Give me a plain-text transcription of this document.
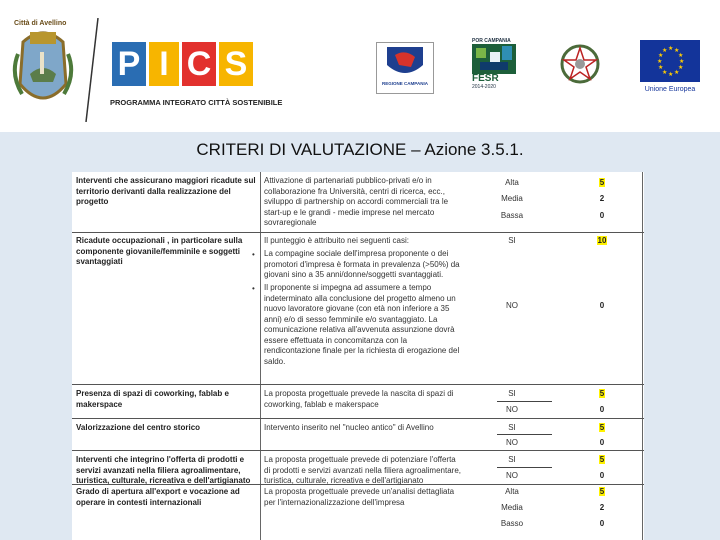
Città di Avellino
P I C S
PROGRAMMA INTEGRATO CITTÀ SOSTENIBILE
REGIONE CAMPANIA
POR CAMPANIA
FESR
2014-2020
★ ★
★
★
★
★
★
★
★
★
★
★
Unione Europea
CRITERI DI VALUTAZIONE – Azione 3.5.1.
Interventi che assicurano maggiori ricadute sul territorio derivanti dalla realizzazione del progetto
Attivazione di partenariati pubblico-privati e/o in collaborazione fra Università, centri di ricerca, ecc., sviluppo di partnership on accordi commerciali tra le start-up e le grandi - medie imprese nel mercato sovraregionale
Alta	5
Media	2
Bassa	0
Ricadute occupazionali , in particolare sulla componente giovanile/femminile e soggetti svantaggiati
Il punteggio è attribuito nei seguenti casi:
• La compagine sociale dell'impresa proponente o dei promotori d'impresa è formata in prevalenza (>50%) da giovani sino a 35 anni/donne/soggetti svantaggiati.
• Il proponente si impegna ad assumere a tempo indeterminato alla conclusione del progetto almeno un nuovo lavoratore giovane (con età non inferiore a 35 anni) e/o di sesso femminile e/o svantaggiato. La comunicazione relativa all'avvenuta assunzione dovrà essere effettuata in concomitanza con la rendicontazione finale per la richiesta di erogazione del saldo.
SI	10
NO	0
Presenza di spazi di coworking, fablab e makerspace
La proposta progettuale prevede la nascita di spazi di coworking, fablab e makerspace
SI	5
NO	0
Valorizzazione del centro storico	Intervento inserito nel "nucleo antico" di Avellino	SI	5
NO	0
Interventi che integrino l'offerta di prodotti e servizi avanzati nella filiera agroalimentare, turistica, culturale, ricreativa e dell'artigianato
La proposta progettuale prevede di potenziare l'offerta di prodotti e servizi avanzati nella filiera agroalimentare, turistica, culturale, ricreativa e dell'artigianato
SI	5
NO	0
Grado di apertura all'export e vocazione ad operare in contesti internazionali
La proposta progettuale prevede un'analisi dettagliata per l'internazionalizzazione dell'impresa
Alta	5
Media	2
Basso	0
